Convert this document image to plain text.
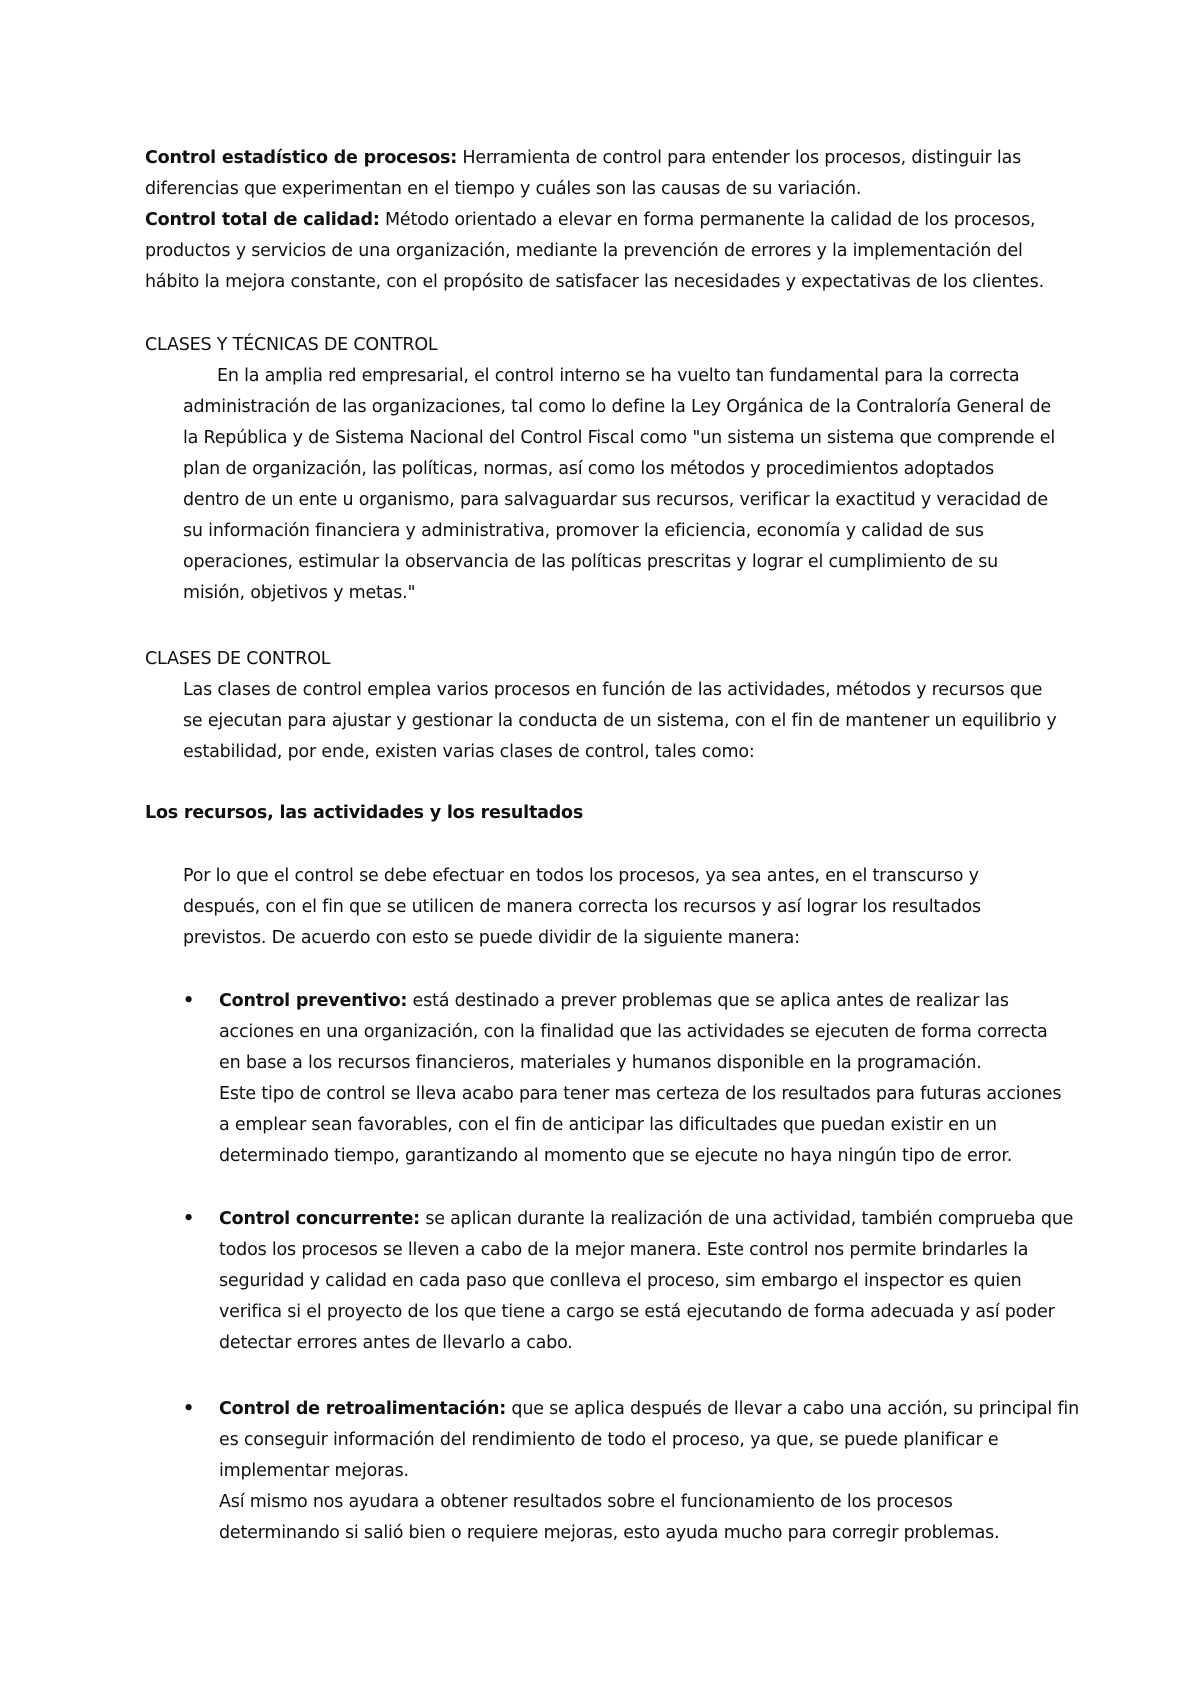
Control estadístico de procesos: Herramienta de control para entender los procesos, distinguir las
diferencias que experimentan en el tiempo y cuáles son las causas de su variación.
Control total de calidad: Método orientado a elevar en forma permanente la calidad de los procesos,
productos y servicios de una organización, mediante la prevención de errores y la implementación del
hábito la mejora constante, con el propósito de satisfacer las necesidades y expectativas de los clientes.
CLASES Y TÉCNICAS DE CONTROL
En la amplia red empresarial, el control interno se ha vuelto tan fundamental para la correcta
administración de las organizaciones, tal como lo define la Ley Orgánica de la Contraloría General de
la República y de Sistema Nacional del Control Fiscal como "un sistema un sistema que comprende el
plan de organización, las políticas, normas, así como los métodos y procedimientos adoptados
dentro de un ente u organismo, para salvaguardar sus recursos, verificar la exactitud y veracidad de
su información financiera y administrativa, promover la eficiencia, economía y calidad de sus
operaciones, estimular la observancia de las políticas prescritas y lograr el cumplimiento de su
misión, objetivos y metas."
CLASES DE CONTROL
Las clases de control emplea varios procesos en función de las actividades, métodos y recursos que
se ejecutan para ajustar y gestionar la conducta de un sistema, con el fin de mantener un equilibrio y
estabilidad, por ende, existen varias clases de control, tales como:
Los recursos, las actividades y los resultados
Por lo que el control se debe efectuar en todos los procesos, ya sea antes, en el transcurso y
después, con el fin que se utilicen de manera correcta los recursos y así lograr los resultados
previstos. De acuerdo con esto se puede dividir de la siguiente manera:
• Control preventivo: está destinado a prever problemas que se aplica antes de realizar las
acciones en una organización, con la finalidad que las actividades se ejecuten de forma correcta
en base a los recursos financieros, materiales y humanos disponible en la programación.
Este tipo de control se lleva acabo para tener mas certeza de los resultados para futuras acciones
a emplear sean favorables, con el fin de anticipar las dificultades que puedan existir en un
determinado tiempo, garantizando al momento que se ejecute no haya ningún tipo de error.
• Control concurrente: se aplican durante la realización de una actividad, también comprueba que
todos los procesos se lleven a cabo de la mejor manera. Este control nos permite brindarles la
seguridad y calidad en cada paso que conlleva el proceso, sim embargo el inspector es quien
verifica si el proyecto de los que tiene a cargo se está ejecutando de forma adecuada y así poder
detectar errores antes de llevarlo a cabo.
• Control de retroalimentación: que se aplica después de llevar a cabo una acción, su principal fin
es conseguir información del rendimiento de todo el proceso, ya que, se puede planificar e
implementar mejoras.
Así mismo nos ayudara a obtener resultados sobre el funcionamiento de los procesos
determinando si salió bien o requiere mejoras, esto ayuda mucho para corregir problemas.
